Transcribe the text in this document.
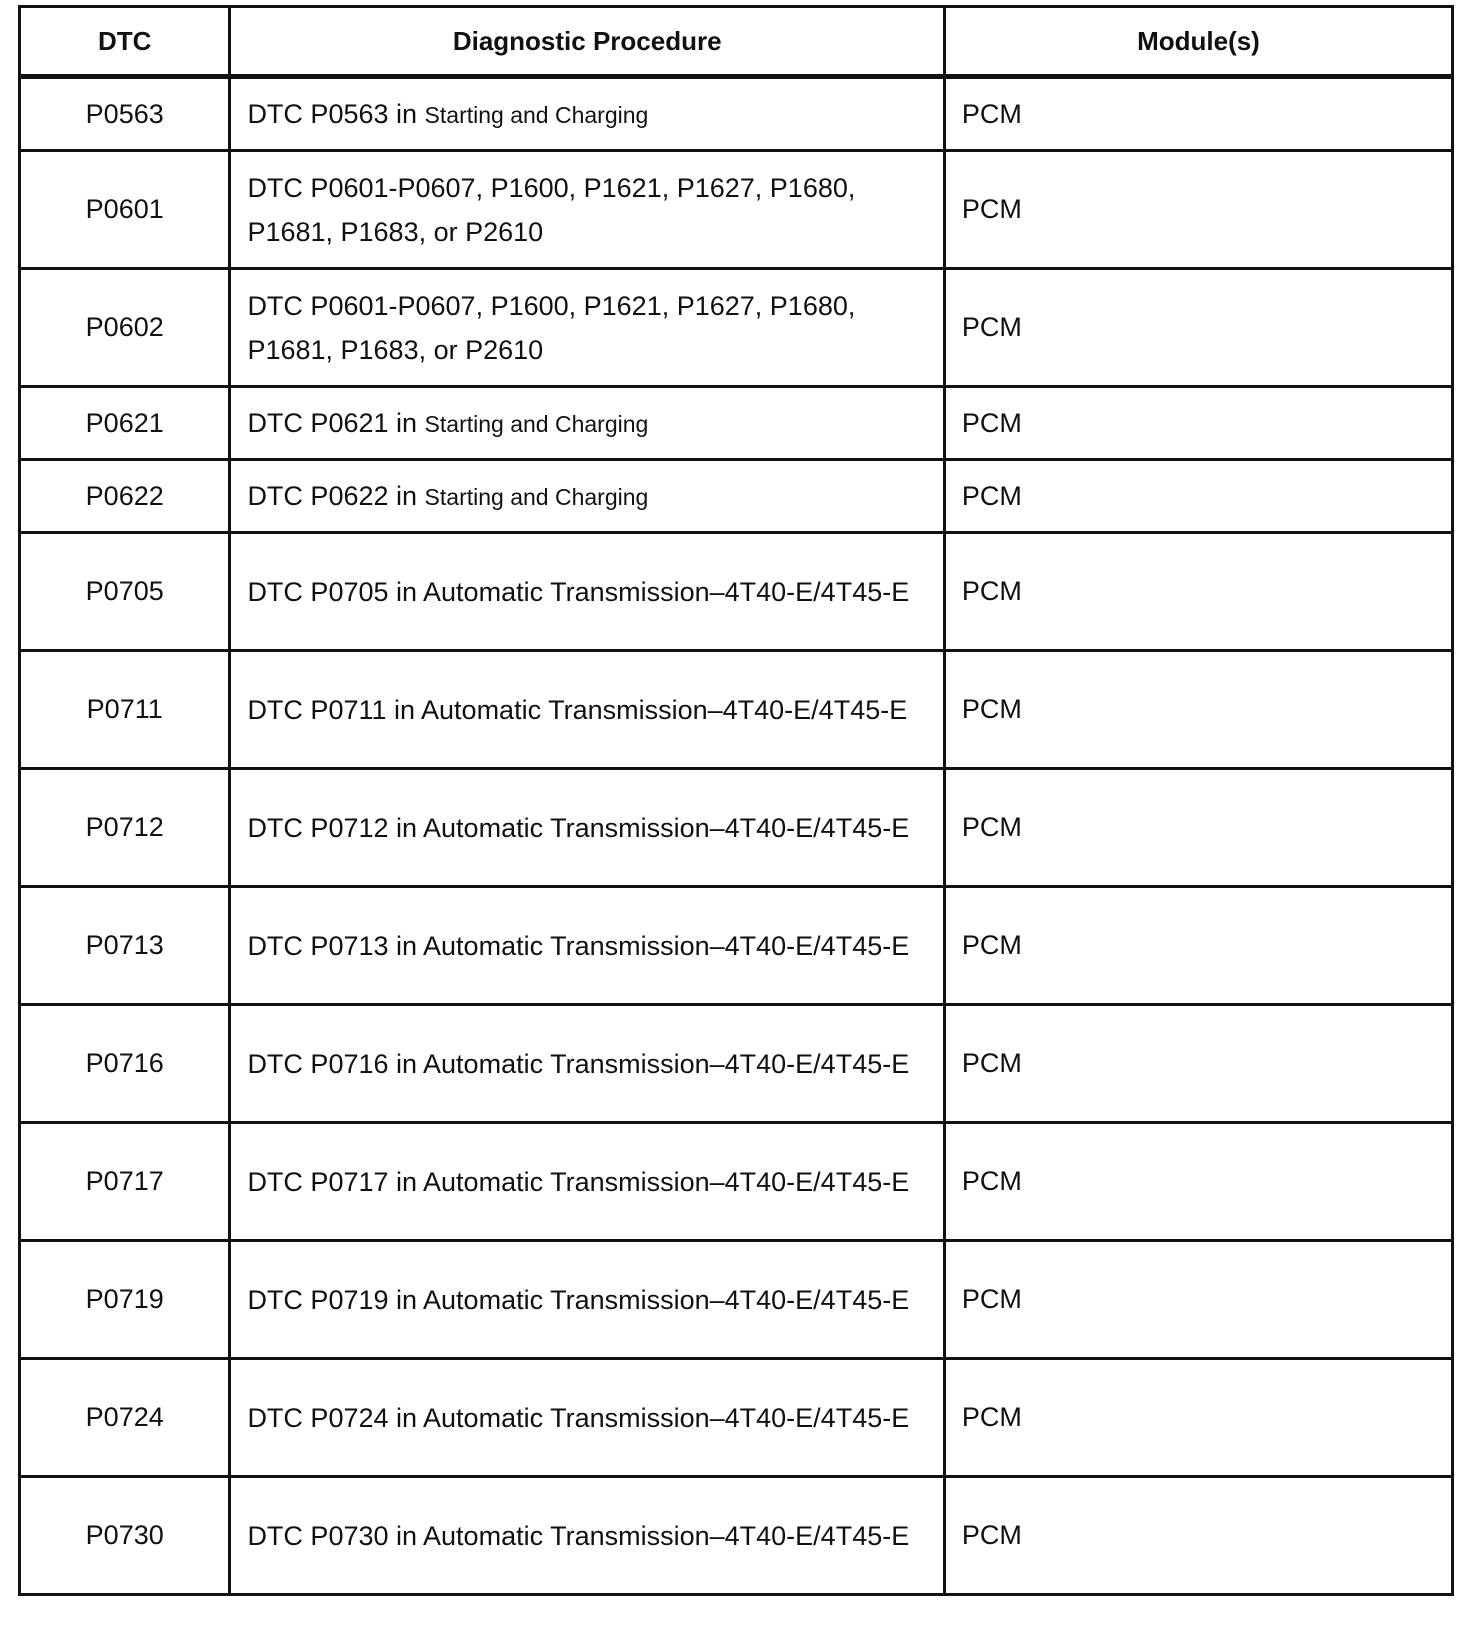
DTC	Diagnostic Procedure	Module(s)
P0563	DTC P0563 in Starting and Charging	PCM
P0601	DTC P0601-P0607, P1600, P1621, P1627, P1680, P1681, P1683, or P2610	PCM
P0602	DTC P0601-P0607, P1600, P1621, P1627, P1680, P1681, P1683, or P2610	PCM
P0621	DTC P0621 in Starting and Charging	PCM
P0622	DTC P0622 in Starting and Charging	PCM
P0705	DTC P0705 in Automatic Transmission–4T40-E/4T45-E	PCM
P0711	DTC P0711 in Automatic Transmission–4T40-E/4T45-E	PCM
P0712	DTC P0712 in Automatic Transmission–4T40-E/4T45-E	PCM
P0713	DTC P0713 in Automatic Transmission–4T40-E/4T45-E	PCM
P0716	DTC P0716 in Automatic Transmission–4T40-E/4T45-E	PCM
P0717	DTC P0717 in Automatic Transmission–4T40-E/4T45-E	PCM
P0719	DTC P0719 in Automatic Transmission–4T40-E/4T45-E	PCM
P0724	DTC P0724 in Automatic Transmission–4T40-E/4T45-E	PCM
P0730	DTC P0730 in Automatic Transmission–4T40-E/4T45-E	PCM
